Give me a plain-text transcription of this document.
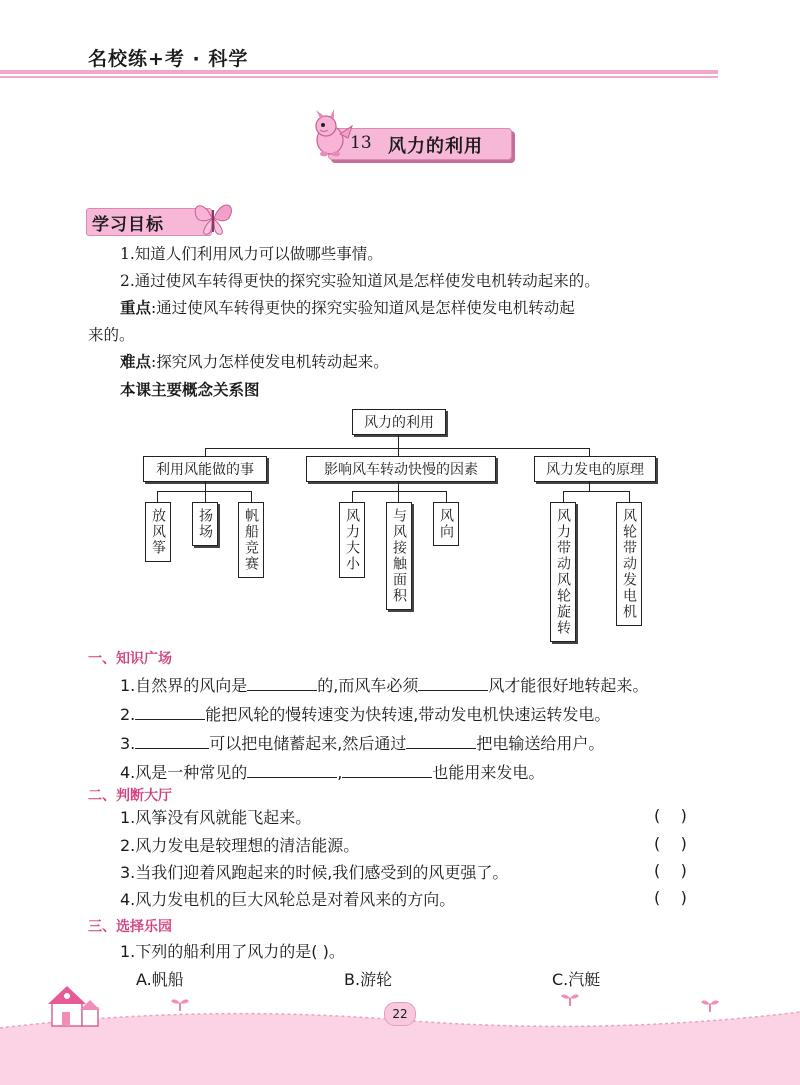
名校练+考 · 科学
13 风力的利用
学习目标
1.知道人们利用风力可以做哪些事情。
2.通过使风车转得更快的探究实验知道风是怎样使发电机转动起来的。
重点:通过使风车转得更快的探究实验知道风是怎样使发电机转动起
来的。
难点:探究风力怎样使发电机转动起来。
本课主要概念关系图
风力的利用
利用风能做的事
放风筝	扬场	帆船竞赛
影响风车转动快慢的因素
风力大小	与风接触面积	风向
风力发电的原理
风力带动风轮旋转	风轮带动发电机
一、知识广场
1.自然界的风向是	的,而风车必须	风才能很好地转起来。
2.	能把风轮的慢转速变为快转速,带动发电机快速运转发电。
3.	可以把电储蓄起来,然后通过	把电输送给用户。
4.风是一种常见的	,	也能用来发电。
二、判断大厅
1.风筝没有风就能飞起来。	(    )
2.风力发电是较理想的清洁能源。	(    )
3.当我们迎着风跑起来的时候,我们感受到的风更强了。	(    )
4.风力发电机的巨大风轮总是对着风来的方向。	(    )
三、选择乐园
1.下列的船利用了风力的是( )。
A.帆船	B.游轮	C.汽艇
22
